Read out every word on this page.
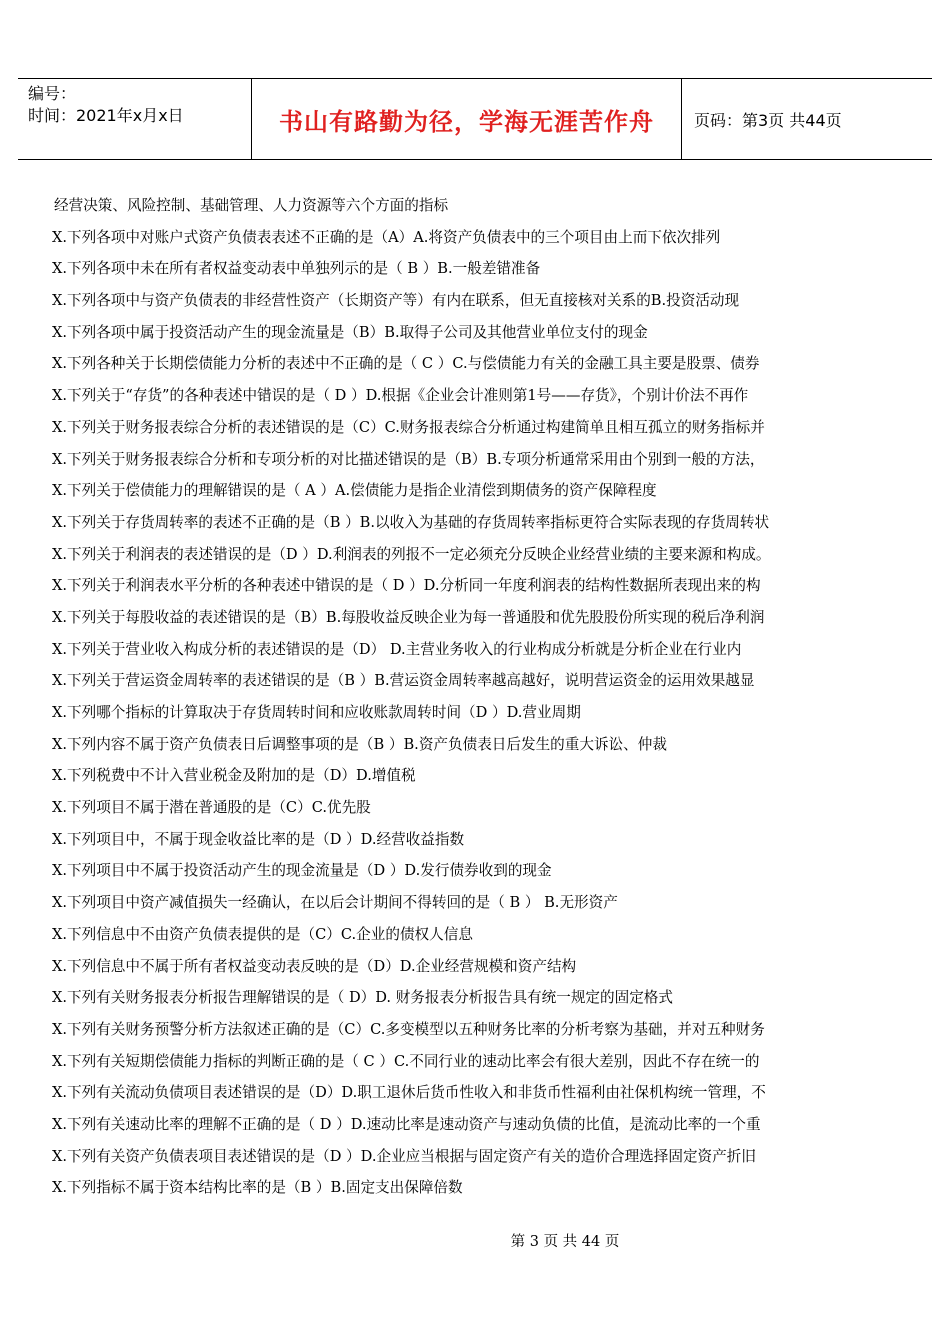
编号：
时间：2021年x月x日	书山有路勤为径，学海无涯苦作舟	页码：第3页 共44页
经营决策、风险控制、基础管理、人力资源等六个方面的指标
X.下列各项中对账户式资产负债表表述不正确的是（A）A.将资产负债表中的三个项目由上而下依次排列
X.下列各项中未在所有者权益变动表中单独列示的是（ B ）B.一般差错准备
X.下列各项中与资产负债表的非经营性资产（长期资产等）有内在联系，但无直接核对关系的B.投资活动现
X.下列各项中属于投资活动产生的现金流量是（B）B.取得子公司及其他营业单位支付的现金
X.下列各种关于长期偿债能力分析的表述中不正确的是（ C ）C.与偿债能力有关的金融工具主要是股票、债券
X.下列关于“存货”的各种表述中错误的是（ D ）D.根据《企业会计准则第1号——存货》，个别计价法不再作
X.下列关于财务报表综合分析的表述错误的是（C）C.财务报表综合分析通过构建简单且相互孤立的财务指标并
X.下列关于财务报表综合分析和专项分析的对比描述错误的是（B）B.专项分析通常采用由个别到一般的方法，
X.下列关于偿债能力的理解错误的是（ A ）A.偿债能力是指企业清偿到期债务的资产保障程度
X.下列关于存货周转率的表述不正确的是（B ）B.以收入为基础的存货周转率指标更符合实际表现的存货周转状
X.下列关于利润表的表述错误的是（D ）D.利润表的列报不一定必须充分反映企业经营业绩的主要来源和构成。
X.下列关于利润表水平分析的各种表述中错误的是（ D ）D.分析同一年度利润表的结构性数据所表现出来的构
X.下列关于每股收益的表述错误的是（B）B.每股收益反映企业为每一普通股和优先股股份所实现的税后净利润
X.下列关于营业收入构成分析的表述错误的是（D） D.主营业务收入的行业构成分析就是分析企业在行业内
X.下列关于营运资金周转率的表述错误的是（B ）B.营运资金周转率越高越好，说明营运资金的运用效果越显
X.下列哪个指标的计算取决于存货周转时间和应收账款周转时间（D ）D.营业周期
X.下列内容不属于资产负债表日后调整事项的是（B ）B.资产负债表日后发生的重大诉讼、仲裁
X.下列税费中不计入营业税金及附加的是（D）D.增值税
X.下列项目不属于潜在普通股的是（C）C.优先股
X.下列项目中，不属于现金收益比率的是（D ）D.经营收益指数
X.下列项目中不属于投资活动产生的现金流量是（D ）D.发行债券收到的现金
X.下列项目中资产减值损失一经确认，在以后会计期间不得转回的是（ B ） B.无形资产
X.下列信息中不由资产负债表提供的是（C）C.企业的债权人信息
X.下列信息中不属于所有者权益变动表反映的是（D）D.企业经营规模和资产结构
X.下列有关财务报表分析报告理解错误的是（ D）D. 财务报表分析报告具有统一规定的固定格式
X.下列有关财务预警分析方法叙述正确的是（C）C.多变模型以五种财务比率的分析考察为基础，并对五种财务
X.下列有关短期偿债能力指标的判断正确的是（ C ）C.不同行业的速动比率会有很大差别，因此不存在统一的
X.下列有关流动负债项目表述错误的是（D）D.职工退休后货币性收入和非货币性福利由社保机构统一管理，不
X.下列有关速动比率的理解不正确的是（ D ）D.速动比率是速动资产与速动负债的比值，是流动比率的一个重
X.下列有关资产负债表项目表述错误的是（D ）D.企业应当根据与固定资产有关的造价合理选择固定资产折旧
X.下列指标不属于资本结构比率的是（B ）B.固定支出保障倍数
第 3 页 共 44 页
